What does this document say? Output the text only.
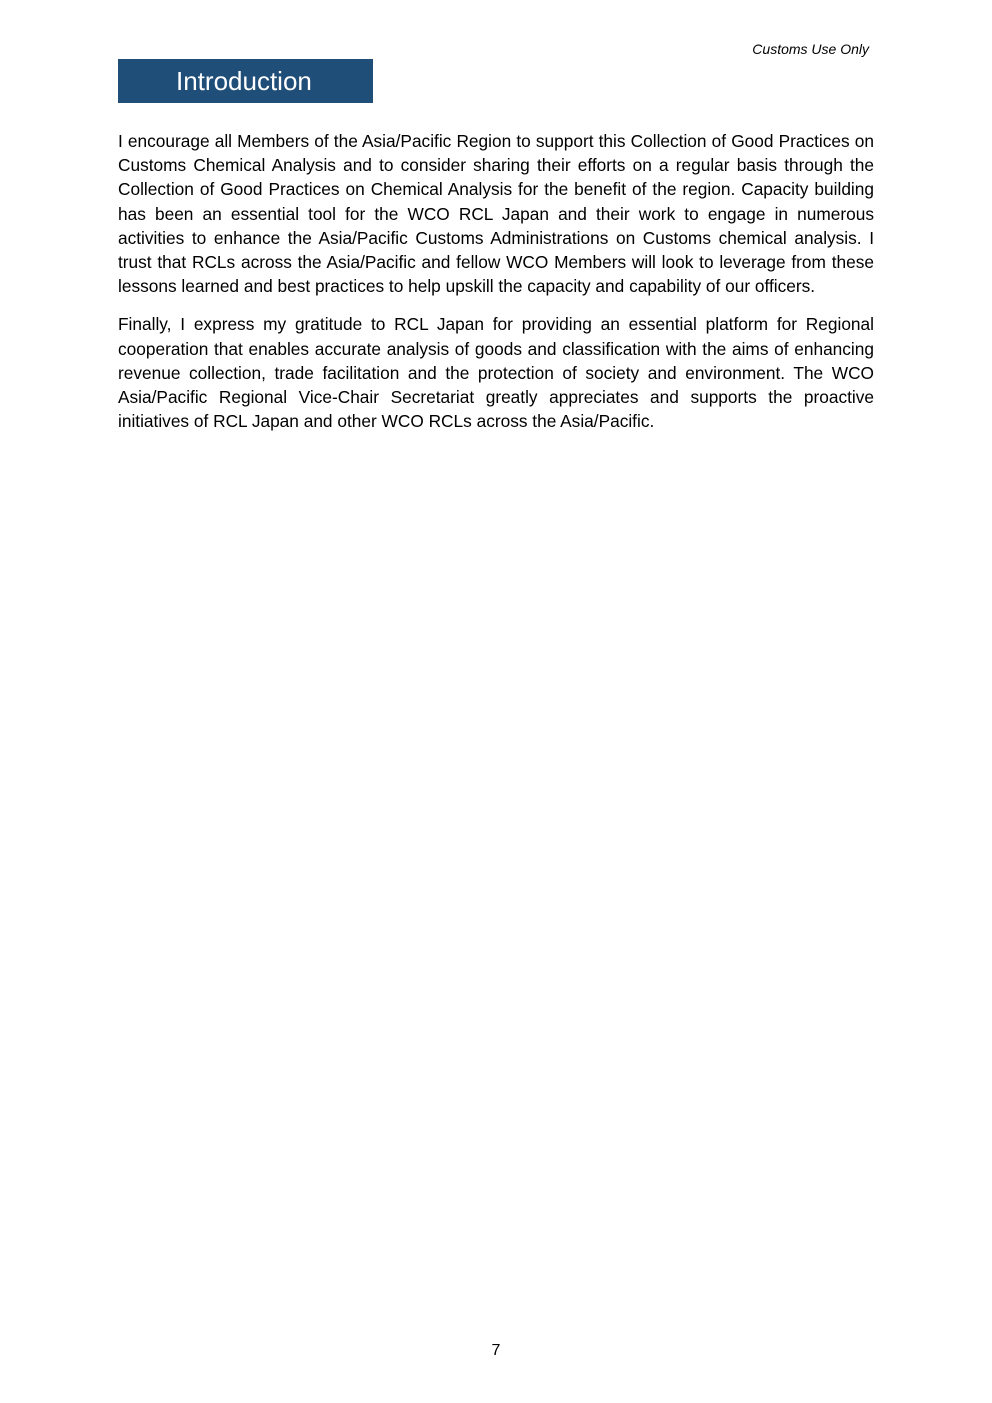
Customs Use Only
Introduction

I encourage all Members of the Asia/Pacific Region to support this Collection of Good Practices on Customs Chemical Analysis and to consider sharing their efforts on a regular basis through the Collection of Good Practices on Chemical Analysis for the benefit of the region. Capacity building has been an essential tool for the WCO RCL Japan and their work to engage in numerous activities to enhance the Asia/Pacific Customs Administrations on Customs chemical analysis. I trust that RCLs across the Asia/Pacific and fellow WCO Members will look to leverage from these lessons learned and best practices to help upskill the capacity and capability of our officers.

Finally, I express my gratitude to RCL Japan for providing an essential platform for Regional cooperation that enables accurate analysis of goods and classification with the aims of enhancing revenue collection, trade facilitation and the protection of society and environment. The WCO Asia/Pacific Regional Vice-Chair Secretariat greatly appreciates and supports the proactive initiatives of RCL Japan and other WCO RCLs across the Asia/Pacific.

7
